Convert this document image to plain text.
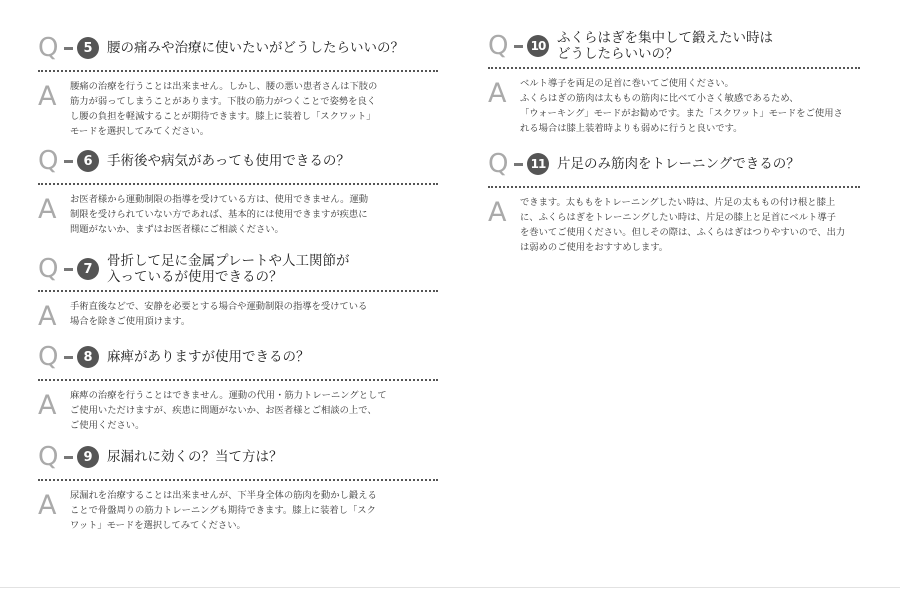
Q	5	腰の痛みや治療に使いたいがどうしたらいいの？
A	腰痛の治療を行うことは出来ません。しかし、腰の悪い患者さんは下肢の
筋力が弱ってしまうことがあります。下肢の筋力がつくことで姿勢を良く
し腰の負担を軽減することが期待できます。膝上に装着し「スクワット」
モードを選択してみてください。
Q	6	手術後や病気があっても使用できるの？
A	お医者様から運動制限の指導を受けている方は、使用できません。運動
制限を受けられていない方であれば、基本的には使用できますが疾患に
問題がないか、まずはお医者様にご相談ください。
Q	7	骨折して足に金属プレートや人工関節が
入っているが使用できるの？
A	手術直後などで、安静を必要とする場合や運動制限の指導を受けている
場合を除きご使用頂けます。
Q	8	麻痺がありますが使用できるの？
A	麻痺の治療を行うことはできません。運動の代用・筋力トレーニングとして
ご使用いただけますが、疾患に問題がないか、お医者様とご相談の上で、
ご使用ください。
Q	9	尿漏れに効くの？当て方は？
A	尿漏れを治療することは出来ませんが、下半身全体の筋肉を動かし鍛える
ことで骨盤周りの筋力トレーニングも期待できます。膝上に装着し「スク
ワット」モードを選択してみてください。
Q	10 ふくらはぎを集中して鍛えたい時は
どうしたらいいの？
A	ベルト導子を両足の足首に巻いてご使用ください。
ふくらはぎの筋肉は太ももの筋肉に比べて小さく敏感であるため、
「ウォーキング」モードがお勧めです。また「スクワット」モードをご使用さ
れる場合は膝上装着時よりも弱めに行うと良いです。
Q	11 片足のみ筋肉をトレーニングできるの？
A	できます。太ももをトレーニングしたい時は、片足の太ももの付け根と膝上
に、ふくらはぎをトレーニングしたい時は、片足の膝上と足首にベルト導子
を巻いてご使用ください。但しその際は、ふくらはぎはつりやすいので、出力
は弱めのご使用をおすすめします。
